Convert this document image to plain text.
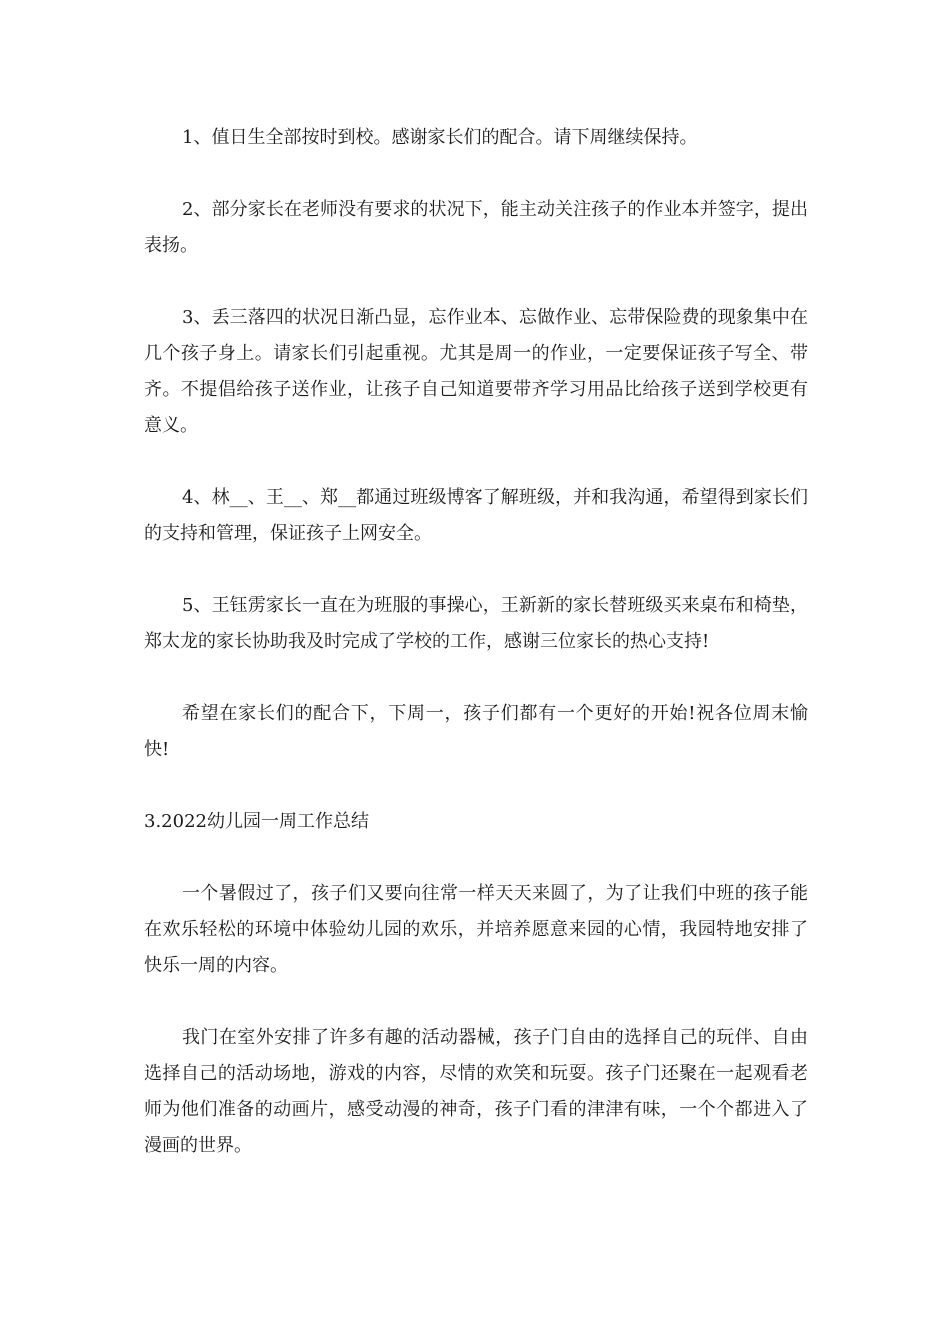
1、值日生全部按时到校。感谢家长们的配合。请下周继续保持。

2、部分家长在老师没有要求的状况下，能主动关注孩子的作业本并签字，提出表扬。

3、丢三落四的状况日渐凸显，忘作业本、忘做作业、忘带保险费的现象集中在几个孩子身上。请家长们引起重视。尤其是周一的作业，一定要保证孩子写全、带齐。不提倡给孩子送作业，让孩子自己知道要带齐学习用品比给孩子送到学校更有意义。

4、林__、王__、郑__都通过班级博客了解班级，并和我沟通，希望得到家长们的支持和管理，保证孩子上网安全。

5、王钰雳家长一直在为班服的事操心，王新新的家长替班级买来桌布和椅垫，郑太龙的家长协助我及时完成了学校的工作，感谢三位家长的热心支持!

希望在家长们的配合下，下周一，孩子们都有一个更好的开始!祝各位周末愉快!

3.2022幼儿园一周工作总结

一个暑假过了，孩子们又要向往常一样天天来圆了，为了让我们中班的孩子能在欢乐轻松的环境中体验幼儿园的欢乐，并培养愿意来园的心情，我园特地安排了快乐一周的内容。

我门在室外安排了许多有趣的活动器械，孩子门自由的选择自己的玩伴、自由选择自己的活动场地，游戏的内容，尽情的欢笑和玩耍。孩子门还聚在一起观看老师为他们准备的动画片，感受动漫的神奇，孩子门看的津津有味，一个个都进入了漫画的世界。
